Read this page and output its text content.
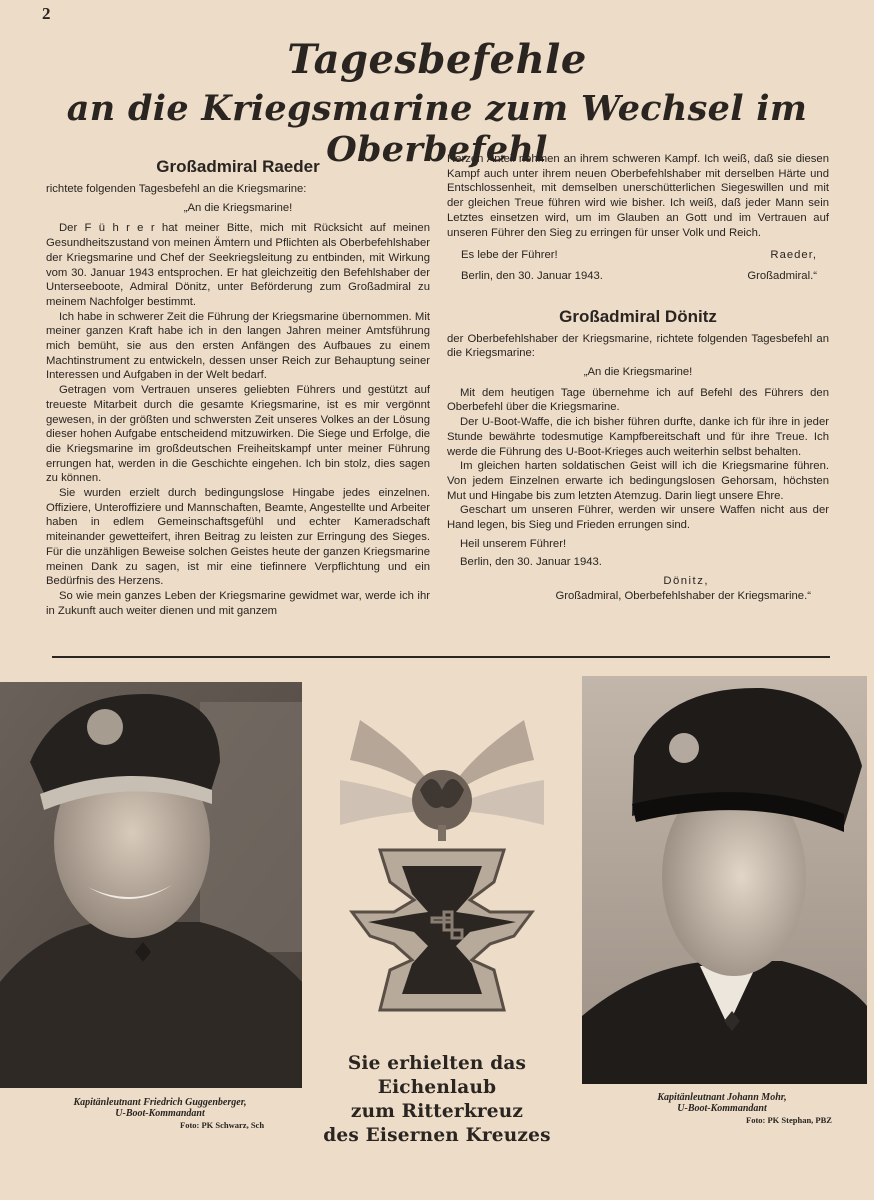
2
Tagesbefehle
an die Kriegsmarine zum Wechsel im Oberbefehl

Großadmiral Raeder

richtete folgenden Tagesbefehl an die Kriegsmarine:

„An die Kriegsmarine!

Der F ü h r e r hat meiner Bitte, mich mit Rücksicht auf meinen Gesundheitszustand von meinen Ämtern und Pflichten als Oberbefehlshaber der Kriegsmarine und Chef der Seekriegsleitung zu entbinden, mit Wirkung vom 30. Januar 1943 entsprochen. Er hat gleichzeitig den Befehlshaber der Unterseeboote, Admiral Dönitz, unter Beförderung zum Großadmiral zu meinem Nachfolger bestimmt.

Ich habe in schwerer Zeit die Führung der Kriegsmarine übernommen. Mit meiner ganzen Kraft habe ich in den langen Jahren meiner Amtsführung mich bemüht, sie aus den ersten Anfängen des Aufbaues zu einem Machtinstrument zu entwickeln, dessen unser Reich zur Behauptung seiner Interessen und Aufgaben in der Welt bedarf.

Getragen vom Vertrauen unseres geliebten Führers und gestützt auf treueste Mitarbeit durch die gesamte Kriegsmarine, ist es mir vergönnt gewesen, in der größten und schwersten Zeit unseres Volkes an der Lösung dieser hohen Aufgabe entscheidend mitzuwirken. Die Siege und Erfolge, die die Kriegsmarine im großdeutschen Freiheitskampf unter meiner Führung errungen hat, werden in die Geschichte eingehen. Ich bin stolz, dies sagen zu können.

Sie wurden erzielt durch bedingungslose Hingabe jedes einzelnen. Offiziere, Unteroffiziere und Mannschaften, Beamte, Angestellte und Arbeiter haben in edlem Gemeinschaftsgefühl und echter Kameradschaft miteinander gewetteifert, ihren Beitrag zu leisten zur Erringung des Sieges. Für die unzähligen Beweise solchen Geistes heute der ganzen Kriegsmarine meinen Dank zu sagen, ist mir eine tiefinnere Verpflichtung und ein Bedürfnis des Herzens.

So wie mein ganzes Leben der Kriegsmarine gewidmet war, werde ich ihr in Zukunft auch weiter dienen und mit ganzem

Herzen Anteil nehmen an ihrem schweren Kampf. Ich weiß, daß sie diesen Kampf auch unter ihrem neuen Oberbefehlshaber mit derselben Härte und Entschlossenheit, mit demselben unerschütterlichen Siegeswillen und mit der gleichen Treue führen wird wie bisher. Ich weiß, daß jeder Mann sein Letztes einsetzen wird, um im Glauben an Gott und im Vertrauen auf unseren Führer den Sieg zu erringen für unser Volk und Reich.

Es lebe der Führer!	Raeder,
Berlin, den 30. Januar 1943.	Großadmiral.“

Großadmiral Dönitz

der Oberbefehlshaber der Kriegsmarine, richtete folgenden Tagesbefehl an die Kriegsmarine:

„An die Kriegsmarine!

Mit dem heutigen Tage übernehme ich auf Befehl des Führers den Oberbefehl über die Kriegsmarine.

Der U-Boot-Waffe, die ich bisher führen durfte, danke ich für ihre in jeder Stunde bewährte todesmutige Kampfbereitschaft und für ihre Treue. Ich werde die Führung des U-Boot-Krieges auch weiterhin selbst behalten.

Im gleichen harten soldatischen Geist will ich die Kriegsmarine führen. Von jedem Einzelnen erwarte ich bedingungslosen Gehorsam, höchsten Mut und Hingabe bis zum letzten Atemzug. Darin liegt unsere Ehre.

Geschart um unseren Führer, werden wir unsere Waffen nicht aus der Hand legen, bis Sieg und Frieden errungen sind.

Heil unserem Führer!

Berlin, den 30. Januar 1943.

Dönitz,

Großadmiral, Oberbefehlshaber der Kriegsmarine.“

Sie erhielten das Eichenlaub
zum Ritterkreuz
des Eisernen Kreuzes
Kapitänleutnant Friedrich Guggenberger,
U-Boot-Kommandant
Foto: PK Schwarz, Sch
Kapitänleutnant Johann Mohr,
U-Boot-Kommandant
Foto: PK Stephan, PBZ
